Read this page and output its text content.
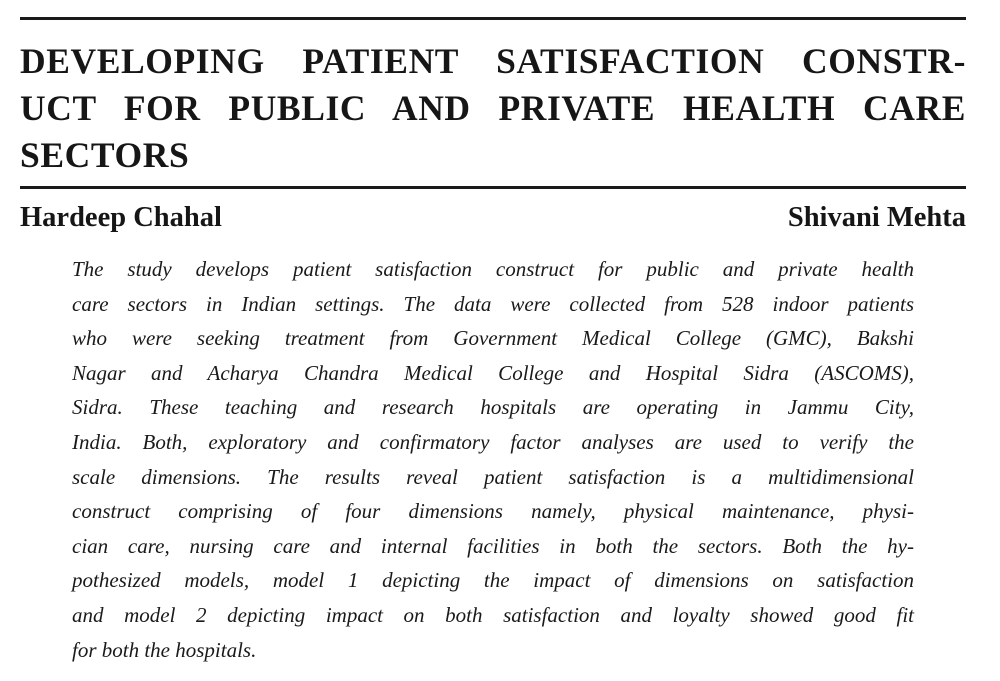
DEVELOPING PATIENT SATISFACTION CONSTR-
UCT FOR PUBLIC AND PRIVATE HEALTH CARE
SECTORS
Hardeep Chahal	Shivani Mehta
The study develops patient satisfaction construct for public and private health
care sectors in Indian settings. The data were collected from 528 indoor patients
who were seeking treatment from Government Medical College (GMC), Bakshi
Nagar and Acharya Chandra Medical College and Hospital Sidra (ASCOMS),
Sidra. These teaching and research hospitals are operating in Jammu City,
India. Both, exploratory and confirmatory factor analyses are used to verify the
scale dimensions. The results reveal patient satisfaction is a multidimensional
construct comprising of four dimensions namely, physical maintenance, physi-
cian care, nursing care and internal facilities in both the sectors. Both the hy-
pothesized models, model 1 depicting the impact of dimensions on satisfaction
and model 2 depicting impact on both satisfaction and loyalty showed good fit
for both the hospitals.
